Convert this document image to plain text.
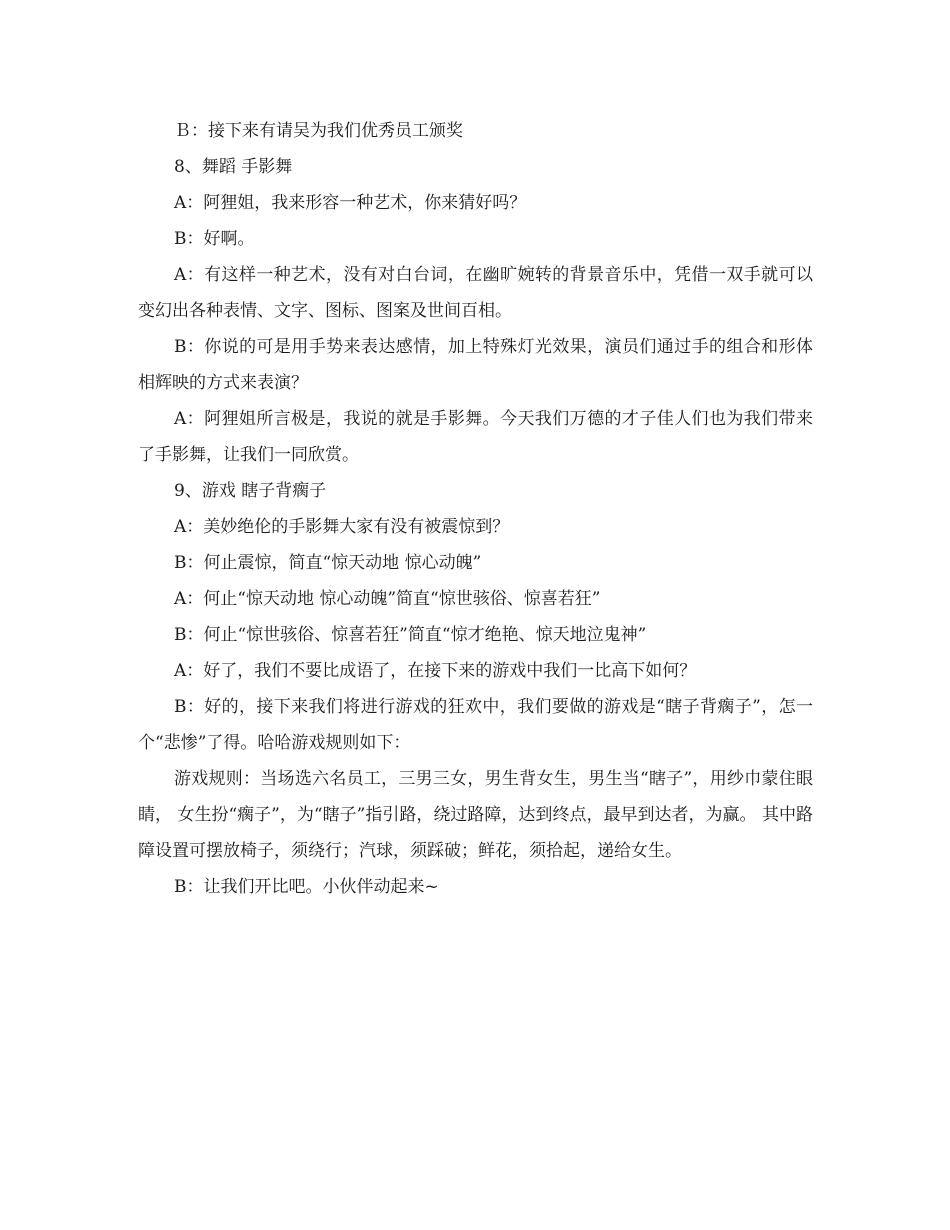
Ｂ：接下来有请吴为我们优秀员工颁奖

8、舞蹈 手影舞

A：阿狸姐，我来形容一种艺术，你来猜好吗？

B：好啊。

A：有这样一种艺术，没有对白台词，在幽旷婉转的背景音乐中，凭借一双手就可以变幻出各种表情、文字、图标、图案及世间百相。

B：你说的可是用手势来表达感情，加上特殊灯光效果，演员们通过手的组合和形体相辉映的方式来表演？

A：阿狸姐所言极是，我说的就是手影舞。今天我们万德的才子佳人们也为我们带来了手影舞，让我们一同欣赏。

9、游戏 瞎子背瘸子

A：美妙绝伦的手影舞大家有没有被震惊到？

B：何止震惊，简直“惊天动地 惊心动魄”

A：何止“惊天动地 惊心动魄”简直“惊世骇俗、惊喜若狂”

B：何止“惊世骇俗、惊喜若狂”简直“惊才绝艳、惊天地泣鬼神”

A：好了，我们不要比成语了，在接下来的游戏中我们一比高下如何？

B：好的，接下来我们将进行游戏的狂欢中，我们要做的游戏是“瞎子背瘸子”，怎一个“悲惨”了得。哈哈游戏规则如下：

游戏规则：当场选六名员工，三男三女，男生背女生，男生当“瞎子”，用纱巾蒙住眼睛， 女生扮“瘸子”，为“瞎子”指引路，绕过路障，达到终点，最早到达者，为赢。 其中路障设置可摆放椅子，须绕行；汽球，须踩破；鲜花，须拾起，递给女生。

B：让我们开比吧。小伙伴动起来~
